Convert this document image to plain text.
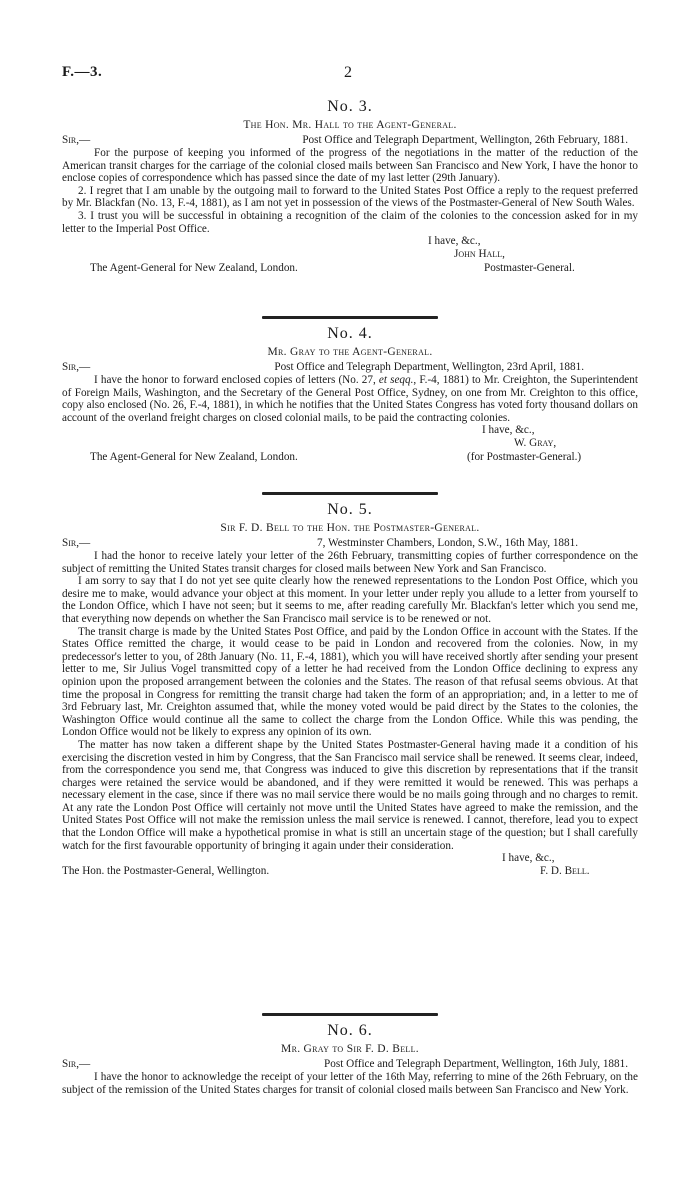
F.—3.	2
No. 3.
The Hon. Mr. Hall to the Agent-General.
Sir,—	Post Office and Telegraph Department, Wellington, 26th February, 1881.

For the purpose of keeping you informed of the progress of the negotiations in the matter of the reduction of the American transit charges for the carriage of the colonial closed mails between San Francisco and New York, I have the honor to enclose copies of correspondence which has passed since the date of my last letter (29th January).

2. I regret that I am unable by the outgoing mail to forward to the United States Post Office a reply to the request preferred by Mr. Blackfan (No. 13, F.-4, 1881), as I am not yet in possession of the views of the Postmaster-General of New South Wales.

3. I trust you will be successful in obtaining a recognition of the claim of the colonies to the concession asked for in my letter to the Imperial Post Office.

I have, &c.,
John Hall,
The Agent-General for New Zealand, London.	Postmaster-General.
No. 4.
Mr. Gray to the Agent-General.
Sir,—	Post Office and Telegraph Department, Wellington, 23rd April, 1881.

I have the honor to forward enclosed copies of letters (No. 27, et seqq., F.-4, 1881) to Mr. Creighton, the Superintendent of Foreign Mails, Washington, and the Secretary of the General Post Office, Sydney, on one from Mr. Creighton to this office, copy also enclosed (No. 26, F.-4, 1881), in which he notifies that the United States Congress has voted forty thousand dollars on account of the overland freight charges on closed colonial mails, to be paid the contracting colonies.

I have, &c.,
W. Gray,
The Agent-General for New Zealand, London.	(for Postmaster-General.)
No. 5.
Sir F. D. Bell to the Hon. the Postmaster-General.
Sir,—	7, Westminster Chambers, London, S.W., 16th May, 1881.

I had the honor to receive lately your letter of the 26th February, transmitting copies of further correspondence on the subject of remitting the United States transit charges for closed mails between New York and San Francisco.

I am sorry to say that I do not yet see quite clearly how the renewed representations to the London Post Office, which you desire me to make, would advance your object at this moment. In your letter under reply you allude to a letter from yourself to the London Office, which I have not seen; but it seems to me, after reading carefully Mr. Blackfan's letter which you send me, that everything now depends on whether the San Francisco mail service is to be renewed or not.

The transit charge is made by the United States Post Office, and paid by the London Office in account with the States. If the States Office remitted the charge, it would cease to be paid in London and recovered from the colonies. Now, in my predecessor's letter to you, of 28th January (No. 11, F.-4, 1881), which you will have received shortly after sending your present letter to me, Sir Julius Vogel transmitted copy of a letter he had received from the London Office declining to express any opinion upon the proposed arrangement between the colonies and the States. The reason of that refusal seems obvious. At that time the proposal in Congress for remitting the transit charge had taken the form of an appropriation; and, in a letter to me of 3rd February last, Mr. Creighton assumed that, while the money voted would be paid direct by the States to the colonies, the Washington Office would continue all the same to collect the charge from the London Office. While this was pending, the London Office would not be likely to express any opinion of its own.

The matter has now taken a different shape by the United States Postmaster-General having made it a condition of his exercising the discretion vested in him by Congress, that the San Francisco mail service shall be renewed. It seems clear, indeed, from the correspondence you send me, that Congress was induced to give this discretion by representations that if the transit charges were retained the service would be abandoned, and if they were remitted it would be renewed. This was perhaps a necessary element in the case, since if there was no mail service there would be no mails going through and no charges to remit. At any rate the London Post Office will certainly not move until the United States have agreed to make the remission, and the United States Post Office will not make the remission unless the mail service is renewed. I cannot, therefore, lead you to expect that the London Office will make a hypothetical promise in what is still an uncertain stage of the question; but I shall carefully watch for the first favourable opportunity of bringing it again under their consideration.

I have, &c.,
The Hon. the Postmaster-General, Wellington.	F. D. Bell.
No. 6.
Mr. Gray to Sir F. D. Bell.
Sir,—	Post Office and Telegraph Department, Wellington, 16th July, 1881.

I have the honor to acknowledge the receipt of your letter of the 16th May, referring to mine of the 26th February, on the subject of the remission of the United States charges for transit of colonial closed mails between San Francisco and New York.
